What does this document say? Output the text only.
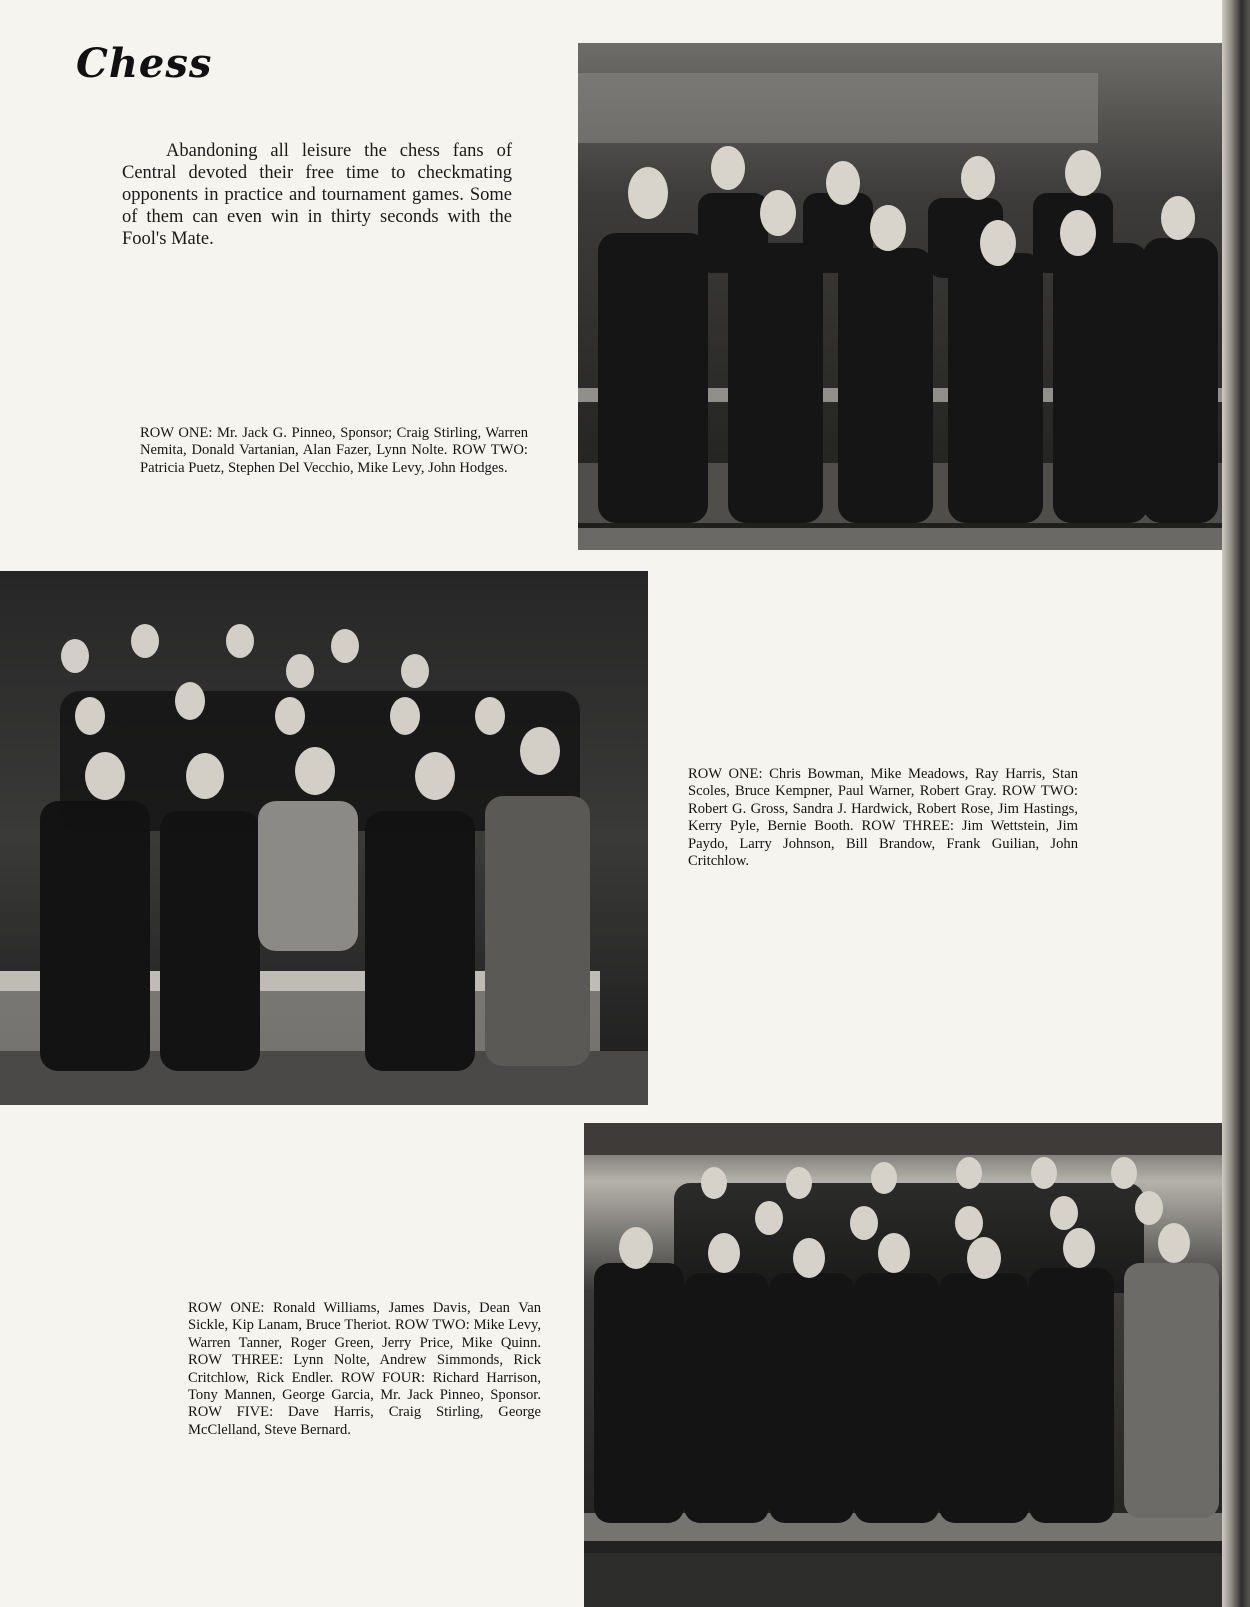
Chess

Abandoning all leisure the chess fans of Central devoted their free time to checkmating opponents in practice and tournament games. Some of them can even win in thirty seconds with the Fool's Mate.

ROW ONE: Mr. Jack G. Pinneo, Sponsor; Craig Stirling, Warren Nemita, Donald Vartanian, Alan Fazer, Lynn Nolte. ROW TWO: Patricia Puetz, Stephen Del Vecchio, Mike Levy, John Hodges.

ROW ONE: Chris Bowman, Mike Meadows, Ray Harris, Stan Scoles, Bruce Kempner, Paul Warner, Robert Gray. ROW TWO: Robert G. Gross, Sandra J. Hardwick, Robert Rose, Jim Hastings, Kerry Pyle, Bernie Booth. ROW THREE: Jim Wettstein, Jim Paydo, Larry Johnson, Bill Brandow, Frank Guilian, John Critchlow.

ROW ONE: Ronald Williams, James Davis, Dean Van Sickle, Kip Lanam, Bruce Theriot. ROW TWO: Mike Levy, Warren Tanner, Roger Green, Jerry Price, Mike Quinn. ROW THREE: Lynn Nolte, Andrew Simmonds, Rick Critchlow, Rick Endler. ROW FOUR: Richard Harrison, Tony Mannen, George Garcia, Mr. Jack Pinneo, Sponsor. ROW FIVE: Dave Harris, Craig Stirling, George McClelland, Steve Bernard.
